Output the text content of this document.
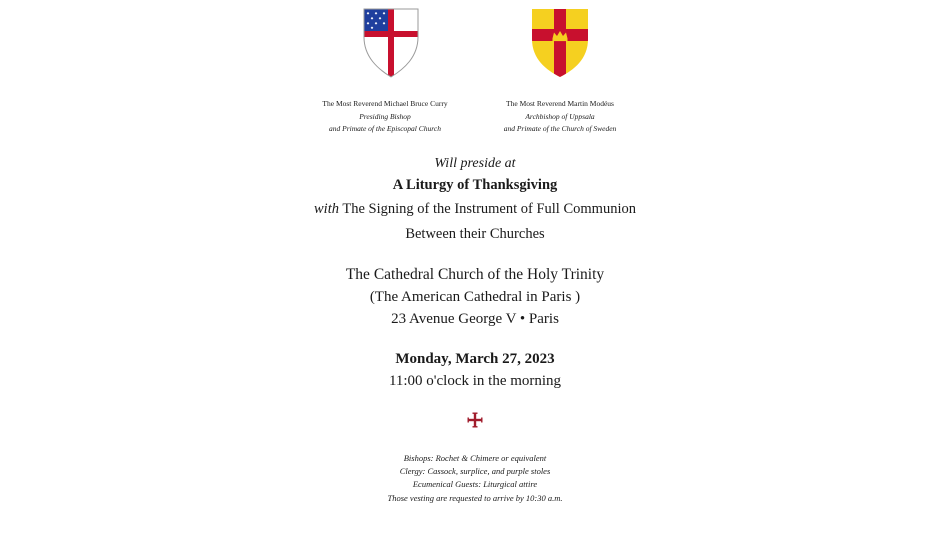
The Most Reverend Michael Bruce Curry
Presiding Bishop
and Primate of the Episcopal Church
The Most Reverend Martin Modéus
Archbishop of Uppsala
and Primate of the Church of Sweden
Will preside at
A Liturgy of Thanksgiving
with The Signing of the Instrument of Full Communion
Between their Churches
The Cathedral Church of the Holy Trinity
(The American Cathedral in Paris )
23 Avenue George V • Paris
Monday, March 27, 2023
11:00 o'clock in the morning
Bishops: Rochet & Chimere or equivalent
Clergy: Cassock, surplice, and purple stoles
Ecumenical Guests: Liturgical attire
Those vesting are requested to arrive by 10:30 a.m.
